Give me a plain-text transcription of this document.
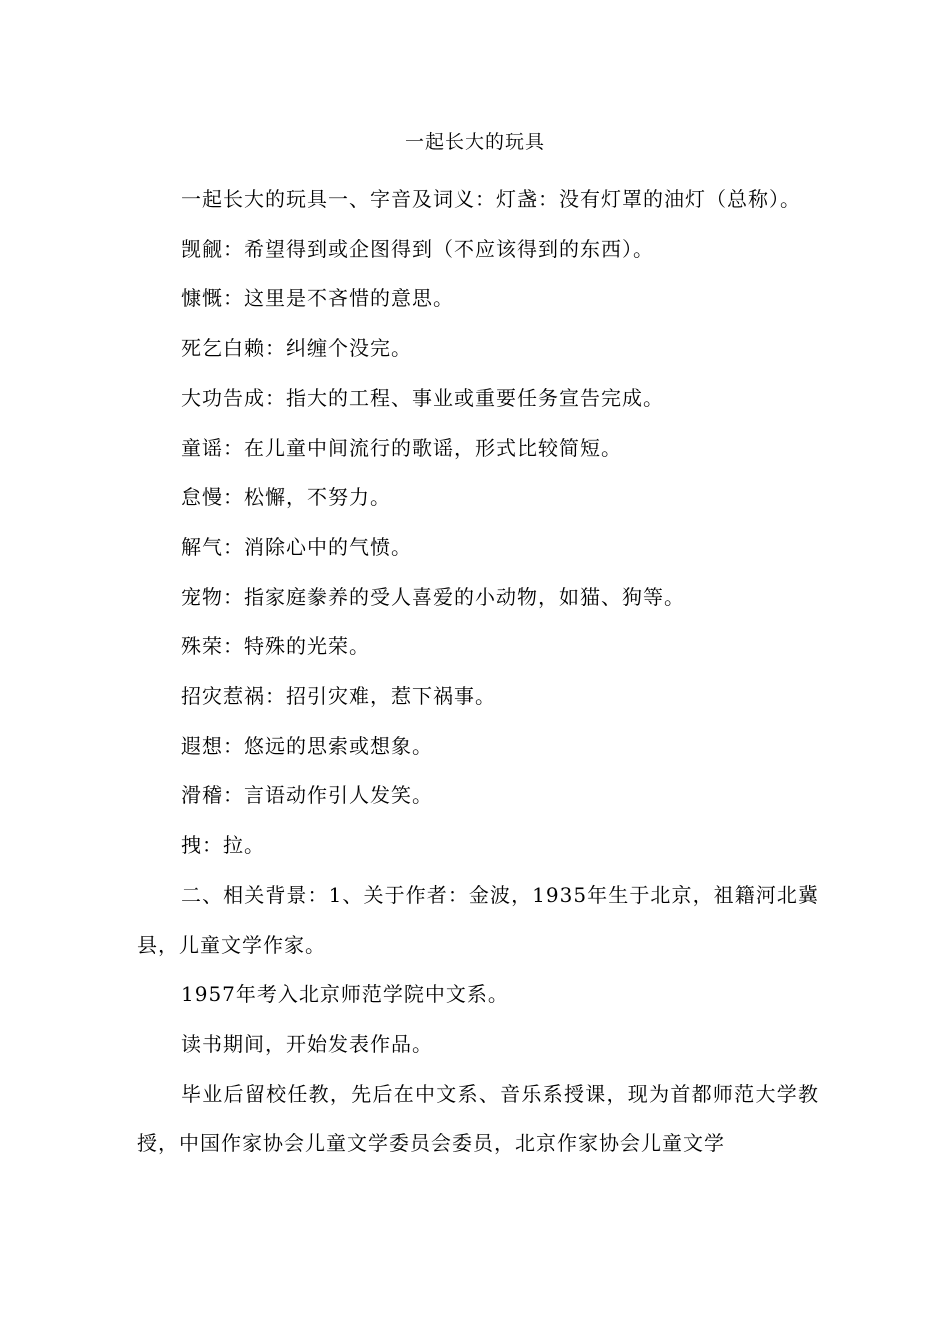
一起长大的玩具

一起长大的玩具一、字音及词义：灯盏：没有灯罩的油灯（总称）。

觊觎：希望得到或企图得到（不应该得到的东西）。

慷慨：这里是不吝惜的意思。

死乞白赖：纠缠个没完。

大功告成：指大的工程、事业或重要任务宣告完成。

童谣：在儿童中间流行的歌谣，形式比较简短。

怠慢：松懈，不努力。

解气：消除心中的气愤。

宠物：指家庭豢养的受人喜爱的小动物，如猫、狗等。

殊荣：特殊的光荣。

招灾惹祸：招引灾难，惹下祸事。

遐想：悠远的思索或想象。

滑稽：言语动作引人发笑。

拽：拉。

二、相关背景：1、关于作者：金波，1935年生于北京，祖籍河北冀县，儿童文学作家。

1957年考入北京师范学院中文系。

读书期间，开始发表作品。

毕业后留校任教，先后在中文系、音乐系授课，现为首都师范大学教授，中国作家协会儿童文学委员会委员，北京作家协会儿童文学
